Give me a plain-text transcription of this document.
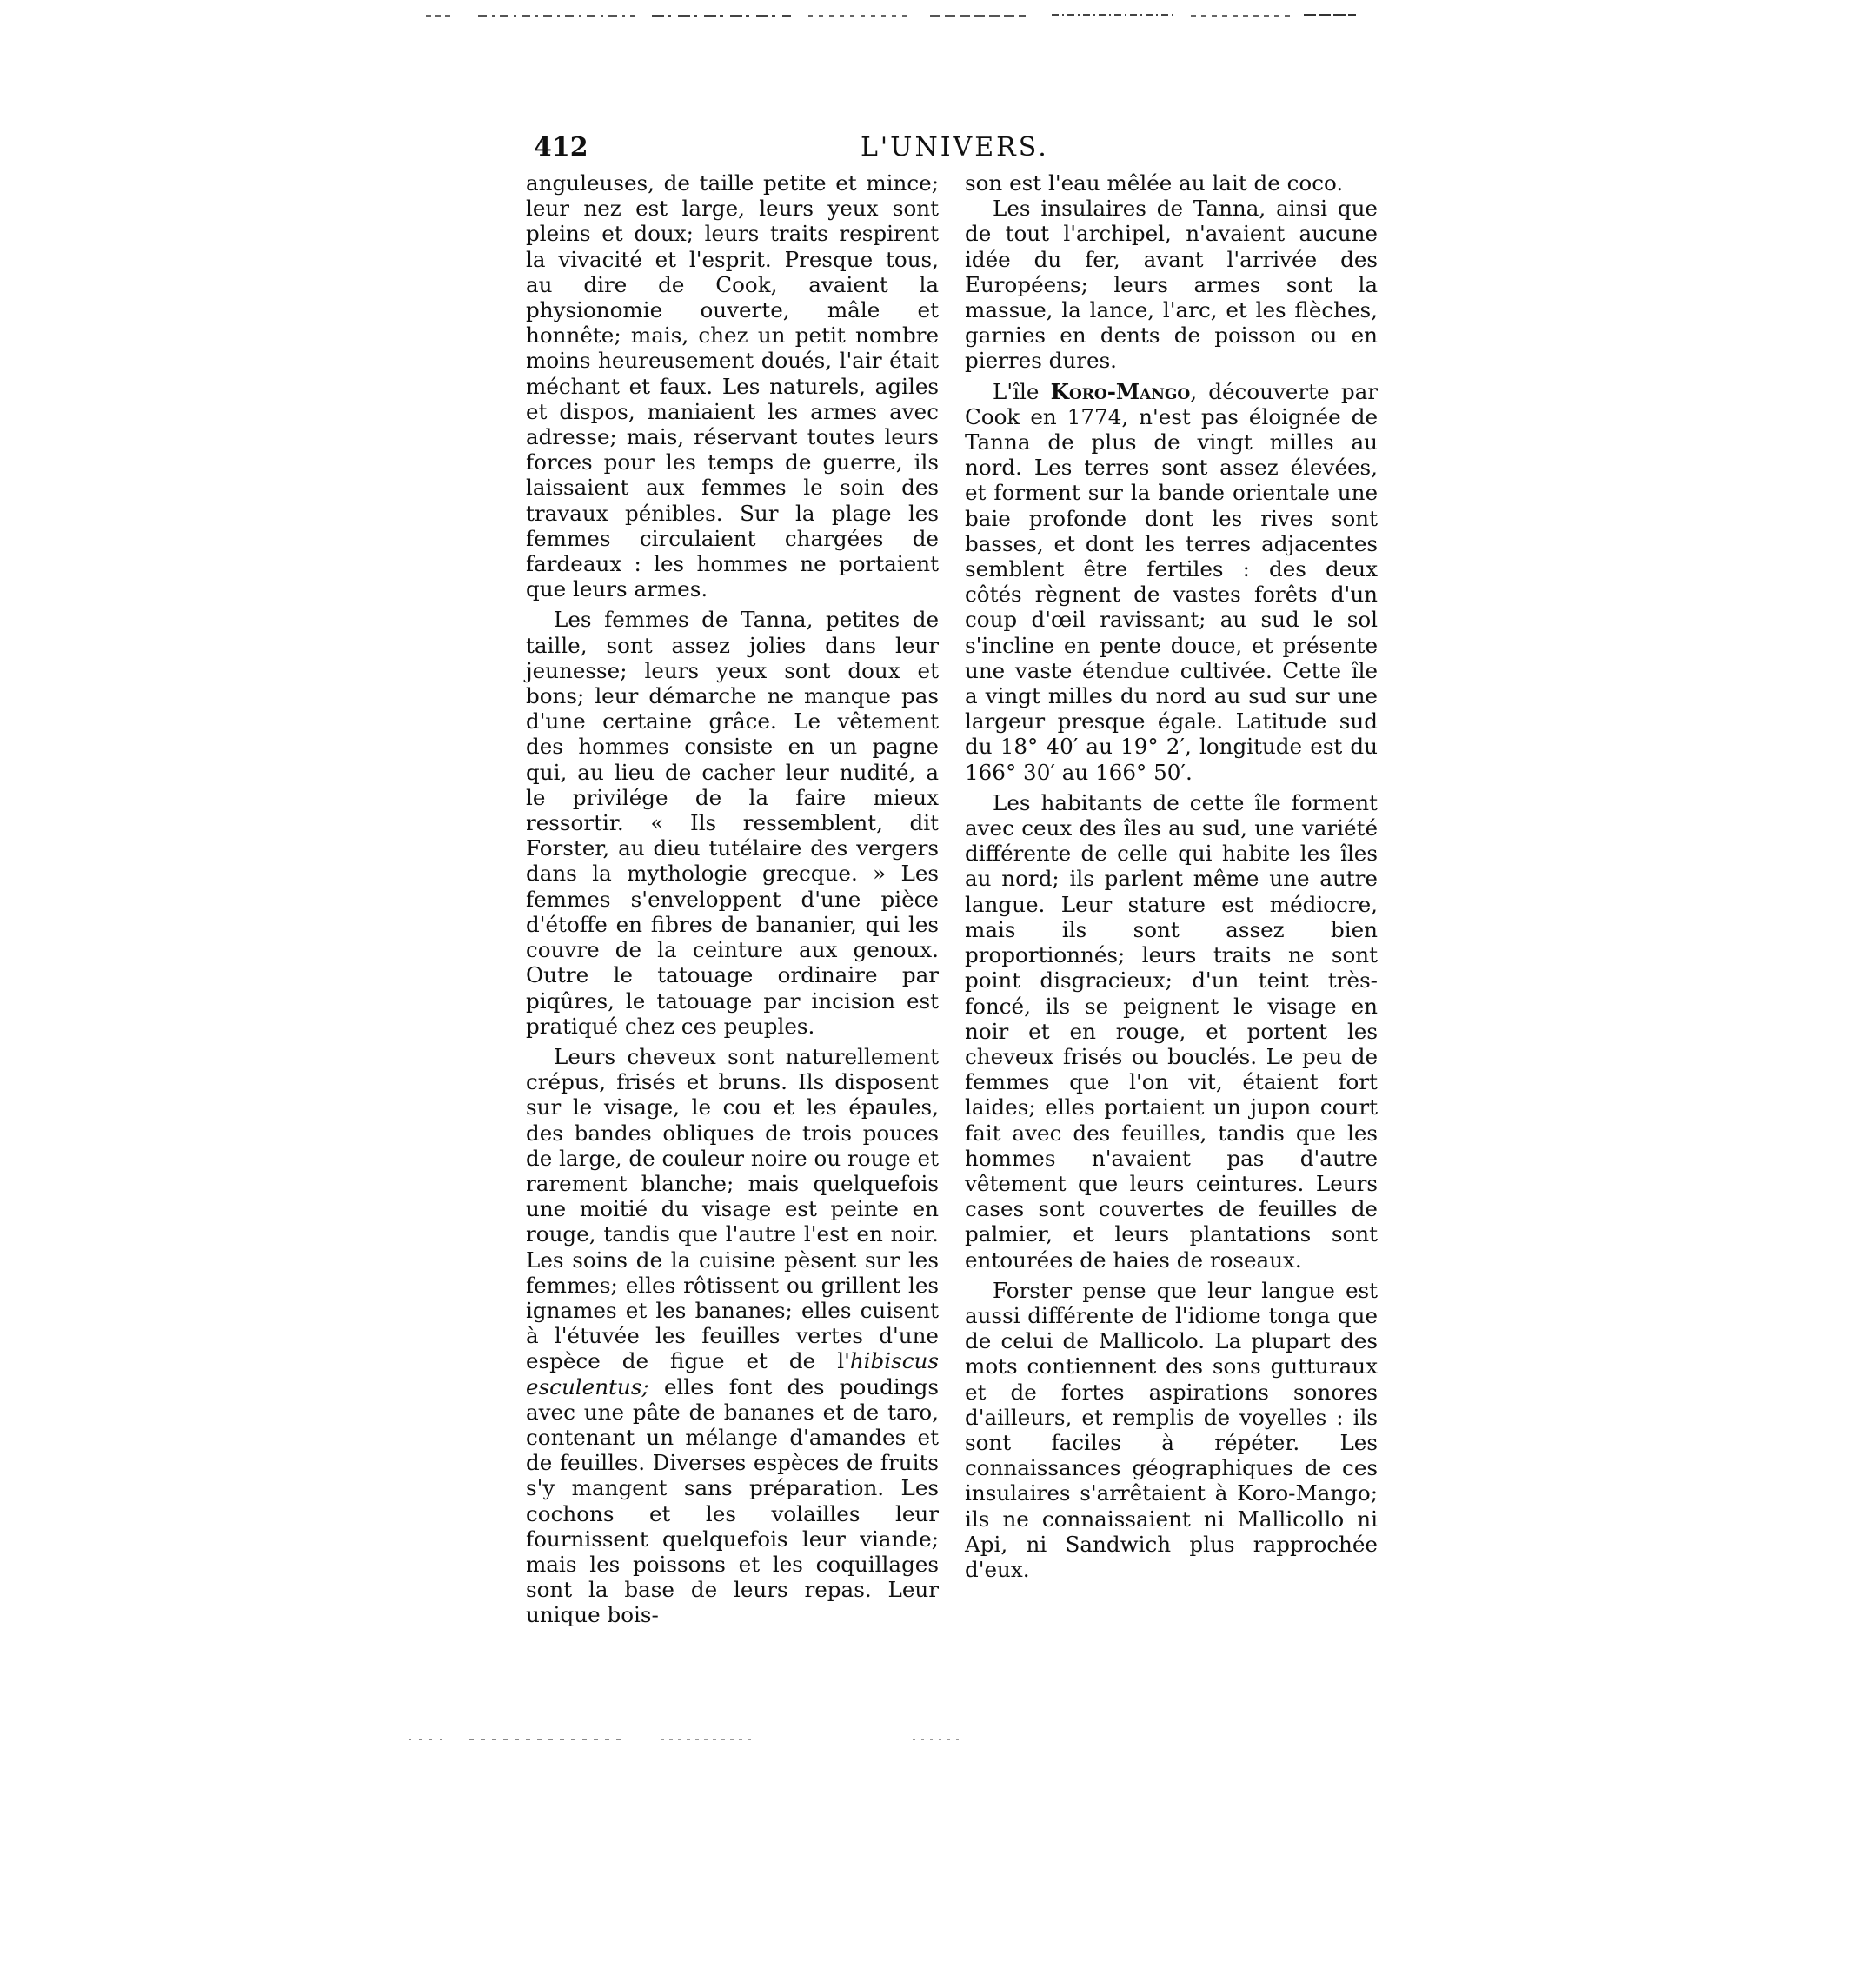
412	L'UNIVERS.

anguleuses, de taille petite et mince; leur nez est large, leurs yeux sont pleins et doux; leurs traits respirent la vivacité et l'esprit. Presque tous, au dire de Cook, avaient la physionomie ouverte, mâle et honnête; mais, chez un petit nombre moins heureusement doués, l'air était méchant et faux. Les naturels, agiles et dispos, maniaient les armes avec adresse; mais, réservant toutes leurs forces pour les temps de guerre, ils laissaient aux femmes le soin des travaux pénibles. Sur la plage les femmes circulaient chargées de fardeaux : les hommes ne portaient que leurs armes.

Les femmes de Tanna, petites de taille, sont assez jolies dans leur jeunesse; leurs yeux sont doux et bons; leur démarche ne manque pas d'une certaine grâce. Le vêtement des hommes consiste en un pagne qui, au lieu de cacher leur nudité, a le privilége de la faire mieux ressortir. « Ils ressemblent, dit Forster, au dieu tutélaire des vergers dans la mythologie grecque. » Les femmes s'enveloppent d'une pièce d'étoffe en fibres de bananier, qui les couvre de la ceinture aux genoux. Outre le tatouage ordinaire par piqûres, le tatouage par incision est pratiqué chez ces peuples.

Leurs cheveux sont naturellement crépus, frisés et bruns. Ils disposent sur le visage, le cou et les épaules, des bandes obliques de trois pouces de large, de couleur noire ou rouge et rarement blanche; mais quelquefois une moitié du visage est peinte en rouge, tandis que l'autre l'est en noir. Les soins de la cuisine pèsent sur les femmes; elles rôtissent ou grillent les ignames et les bananes; elles cuisent à l'étuvée les feuilles vertes d'une espèce de figue et de l'hibiscus esculentus; elles font des poudings avec une pâte de bananes et de taro, contenant un mélange d'amandes et de feuilles. Diverses espèces de fruits s'y mangent sans préparation. Les cochons et les volailles leur fournissent quelquefois leur viande; mais les poissons et les coquillages sont la base de leurs repas. Leur unique bois-

son est l'eau mêlée au lait de coco.

Les insulaires de Tanna, ainsi que de tout l'archipel, n'avaient aucune idée du fer, avant l'arrivée des Européens; leurs armes sont la massue, la lance, l'arc, et les flèches, garnies en dents de poisson ou en pierres dures.

L'île Koro-Mango, découverte par Cook en 1774, n'est pas éloignée de Tanna de plus de vingt milles au nord. Les terres sont assez élevées, et forment sur la bande orientale une baie profonde dont les rives sont basses, et dont les terres adjacentes semblent être fertiles : des deux côtés règnent de vastes forêts d'un coup d'œil ravissant; au sud le sol s'incline en pente douce, et présente une vaste étendue cultivée. Cette île a vingt milles du nord au sud sur une largeur presque égale. Latitude sud du 18° 40′ au 19° 2′, longitude est du 166° 30′ au 166° 50′.

Les habitants de cette île forment avec ceux des îles au sud, une variété différente de celle qui habite les îles au nord; ils parlent même une autre langue. Leur stature est médiocre, mais ils sont assez bien proportionnés; leurs traits ne sont point disgracieux; d'un teint très-foncé, ils se peignent le visage en noir et en rouge, et portent les cheveux frisés ou bouclés. Le peu de femmes que l'on vit, étaient fort laides; elles portaient un jupon court fait avec des feuilles, tandis que les hommes n'avaient pas d'autre vêtement que leurs ceintures. Leurs cases sont couvertes de feuilles de palmier, et leurs plantations sont entourées de haies de roseaux.

Forster pense que leur langue est aussi différente de l'idiome tonga que de celui de Mallicolo. La plupart des mots contiennent des sons gutturaux et de fortes aspirations sonores d'ailleurs, et remplis de voyelles : ils sont faciles à répéter. Les connaissances géographiques de ces insulaires s'arrêtaient à Koro-Mango; ils ne connaissaient ni Mallicollo ni Api, ni Sandwich plus rapprochée d'eux.
